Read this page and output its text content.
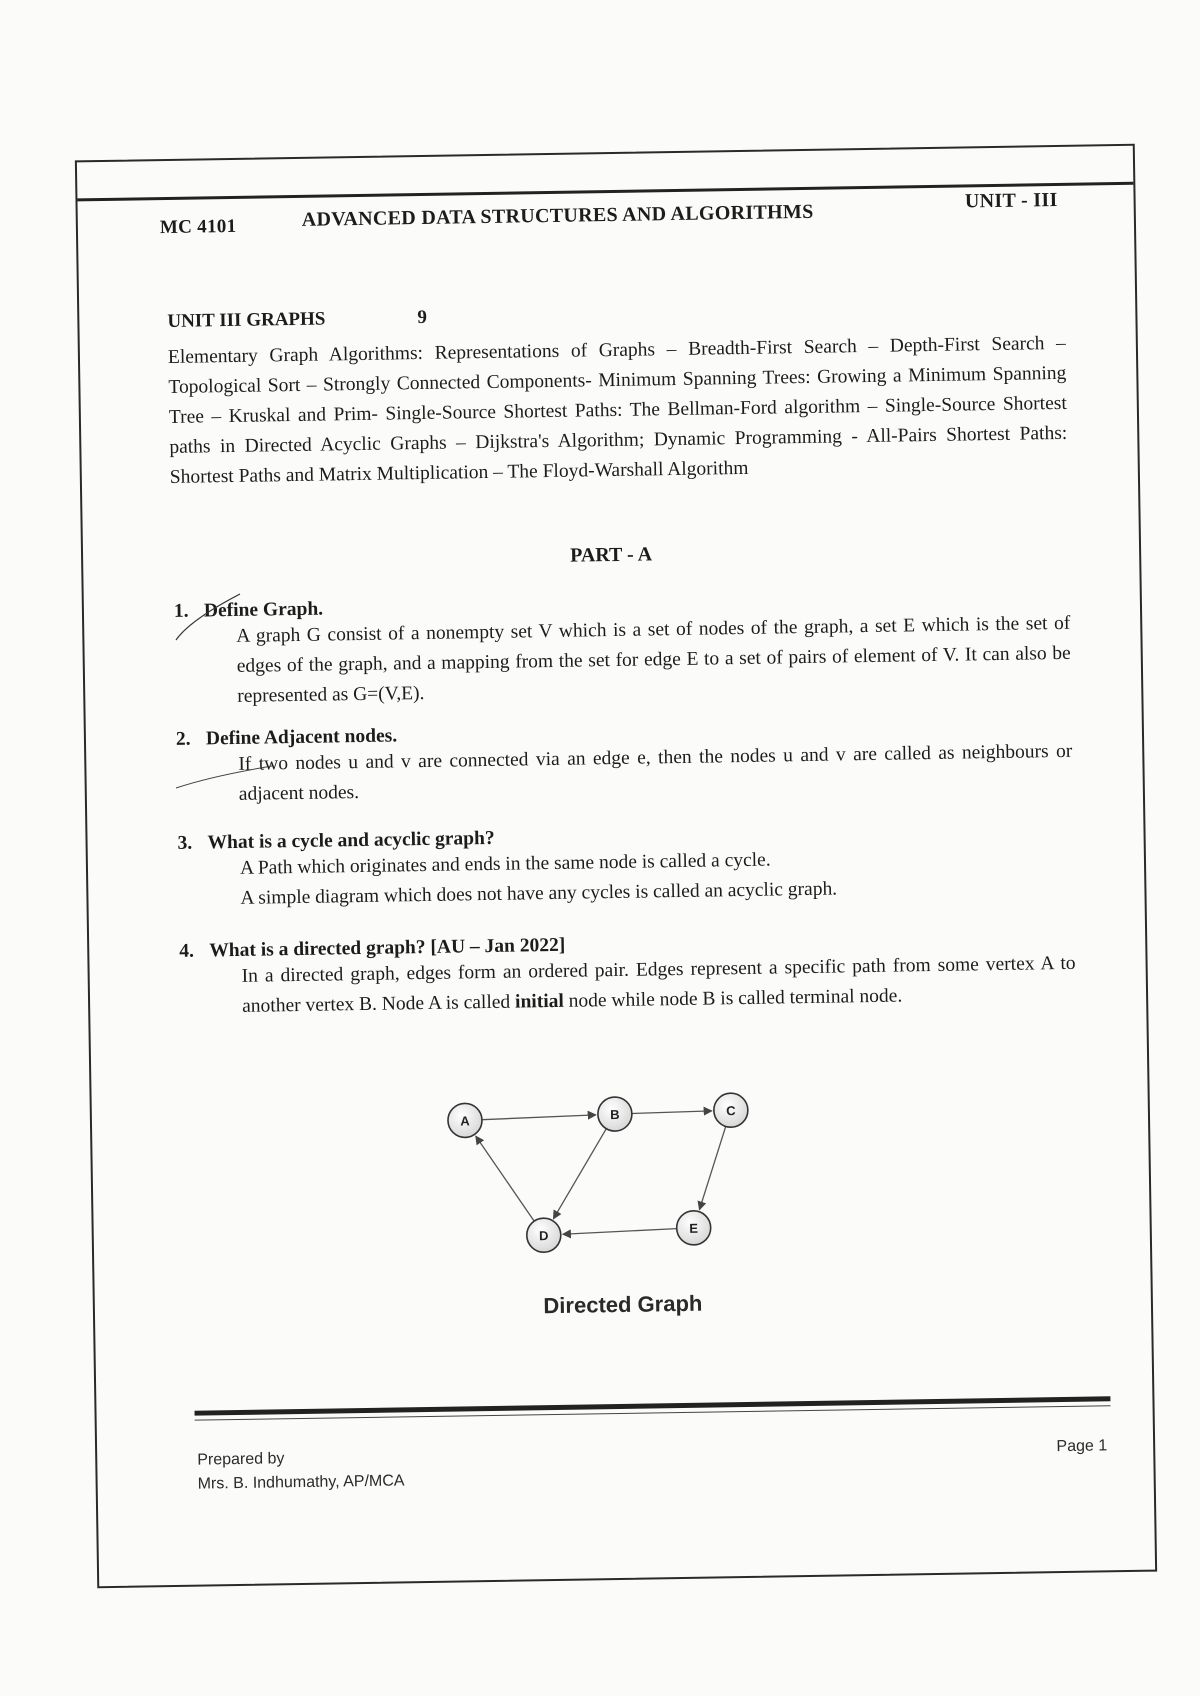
MC 4101	ADVANCED DATA STRUCTURES AND ALGORITHMS
UNIT - III
UNIT III GRAPHS	9
Elementary Graph Algorithms: Representations of Graphs – Breadth-First Search – Depth-First Search – Topological Sort – Strongly Connected Components- Minimum Spanning Trees: Growing a Minimum Spanning Tree – Kruskal and Prim- Single-Source Shortest Paths: The Bellman-Ford algorithm – Single-Source Shortest paths in Directed Acyclic Graphs – Dijkstra's Algorithm; Dynamic Programming - All-Pairs Shortest Paths: Shortest Paths and Matrix Multiplication – The Floyd-Warshall Algorithm
PART - A
1. Define Graph.

A graph G consist of a nonempty set V which is a set of nodes of the graph, a set E which is the set of edges of the graph, and a mapping from the set for edge E to a set of pairs of element of V. It can also be represented as G=(V,E).

2. Define Adjacent nodes.

If two nodes u and v are connected via an edge e, then the nodes u and v are called as neighbours or adjacent nodes.

3. What is a cycle and acyclic graph?

A Path which originates and ends in the same node is called a cycle.

A simple diagram which does not have any cycles is called an acyclic graph.

4. What is a directed graph? [AU – Jan 2022]

In a directed graph, edges form an ordered pair. Edges represent a specific path from some vertex A to another vertex B. Node A is called initial node while node B is called terminal node.

A	B	C
D	E
Directed Graph
Prepared by
Mrs. B. Indhumathy, AP/MCA
Page 1
